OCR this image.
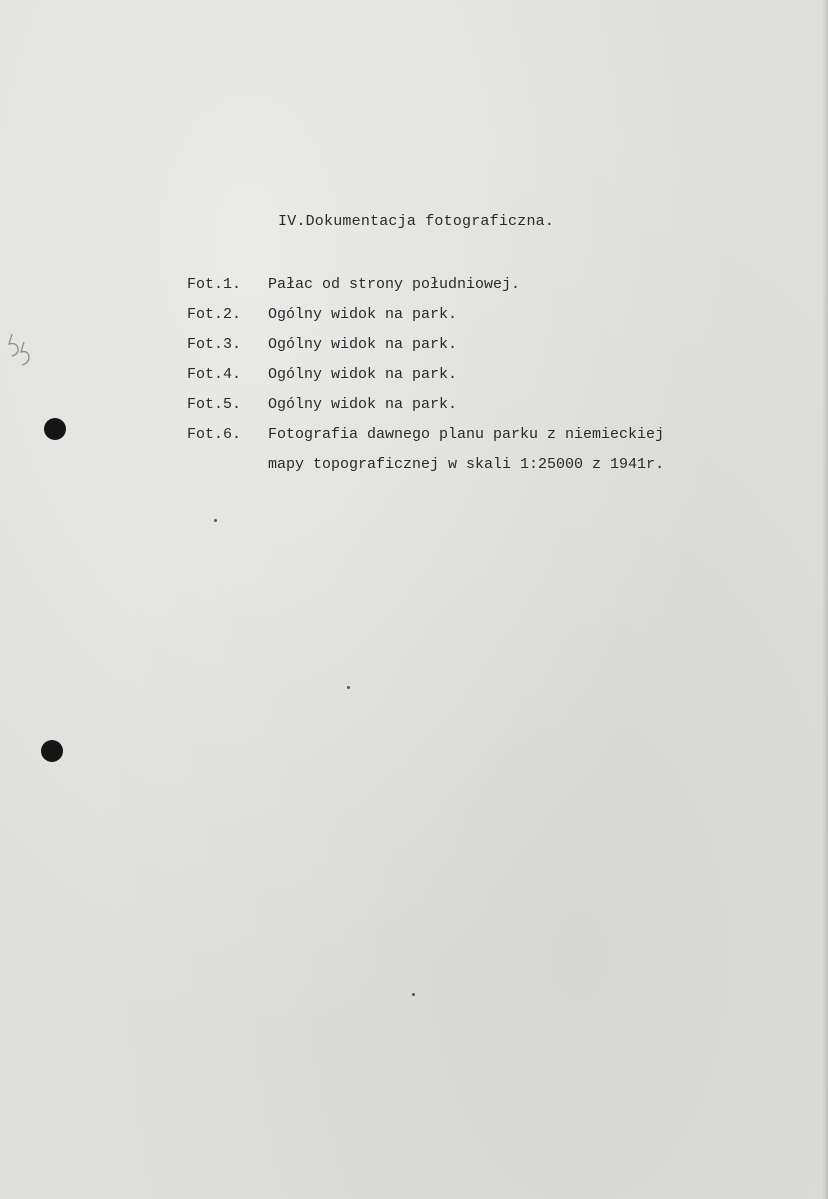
IV.Dokumentacja fotograficzna.
Fot.1.	Pałac od strony południowej.
Fot.2.	Ogólny widok na park.
Fot.3.	Ogólny widok na park.
Fot.4.	Ogólny widok na park.
Fot.5.	Ogólny widok na park.
Fot.6.	Fotografia dawnego planu parku z niemieckiej
mapy topograficznej w skali 1:25000 z 1941r.
